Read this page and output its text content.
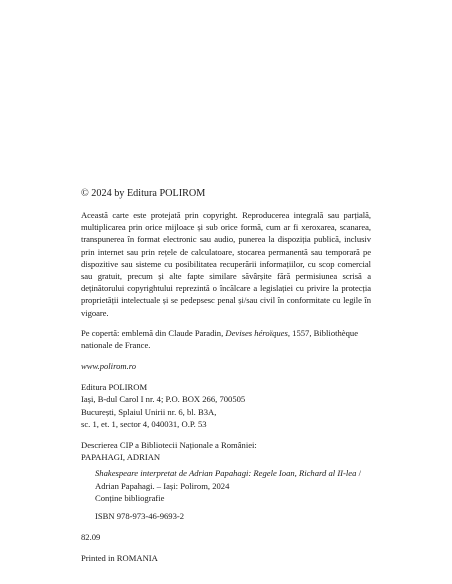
© 2024 by Editura POLIROM

Această carte este protejată prin copyright. Reproducerea integrală sau parțială, multiplicarea prin orice mijloace și sub orice formă, cum ar fi xeroxarea, scanarea, transpunerea în format electronic sau audio, punerea la dispoziția publică, inclusiv prin internet sau prin rețele de calculatoare, stocarea permanentă sau temporară pe dispozitive sau sisteme cu posibilitatea recuperării informațiilor, cu scop comercial sau gratuit, precum și alte fapte similare săvârșite fără permisiunea scrisă a deținătorului copyrightului reprezintă o încălcare a legislației cu privire la protecția proprietății intelectuale și se pedepsesc penal și/sau civil în conformitate cu legile în vigoare.

Pe copertă: emblemă din Claude Paradin, Devises héroïques, 1557, Bibliothèque nationale de France.

www.polirom.ro

Editura POLIROM
Iași, B-dul Carol I nr. 4; P.O. BOX 266, 700505
București, Splaiul Unirii nr. 6, bl. B3A,
sc. 1, et. 1, sector 4, 040031, O.P. 53

Descrierea CIP a Bibliotecii Naționale a României:

PAPAHAGI, ADRIAN

Shakespeare interpretat de Adrian Papahagi: Regele Ioan, Richard al II-lea / Adrian Papahagi. – Iași: Polirom, 2024
Conține bibliografie

ISBN 978-973-46-9693-2

82.09

Printed in ROMANIA
